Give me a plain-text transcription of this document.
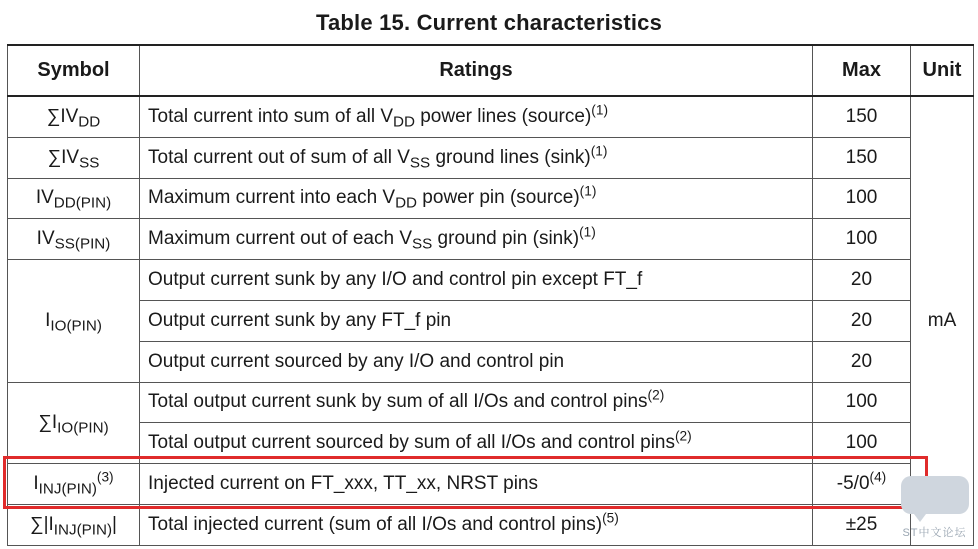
Table 15. Current characteristics
Symbol	Ratings	Max	Unit
$\sum IV_{DD}$	Total current into sum of all $V_{DD}$ power lines (source)$^{(1)}$	150	mA
$\sum IV_{SS}$	Total current out of sum of all $V_{SS}$ ground lines $(\sin k)^{(1)}$	150	
$IV_{DD(PIN)}$	Maximum current into each $V_{DD}$ power pin (source)$^{(1)}$	100	
$IV_{SS(PIN)}$	Maximum current out of each $V_{SS}$ ground pin $(\sin k)^{(1)}$	100	
$I_{IO(PIN)}$	Output current sunk by any I/O and control pin except FT_f	20	
	Output current sunk by any FT_f pin	20	
	Output current sourced by any I/O and control pin	20	
$\sum I_{IO(PIN)}$	Total output current sunk by sum of all I/Os and control pins$^{(2)}$	100	
	Total output current sourced by sum of all I/Os and control pins$^{(2)}$	100	
$I_{INJ(PIN)}^{(3)}$	Injected current on FT_xxx, TT_xx, NRST pins	-5/0$^{(4)}$
$\sum|I_{INJ(PIN)}|$	Total injected current (sum of all I/Os and control pins)$^{(5)}$	±25		ST中文论坛
